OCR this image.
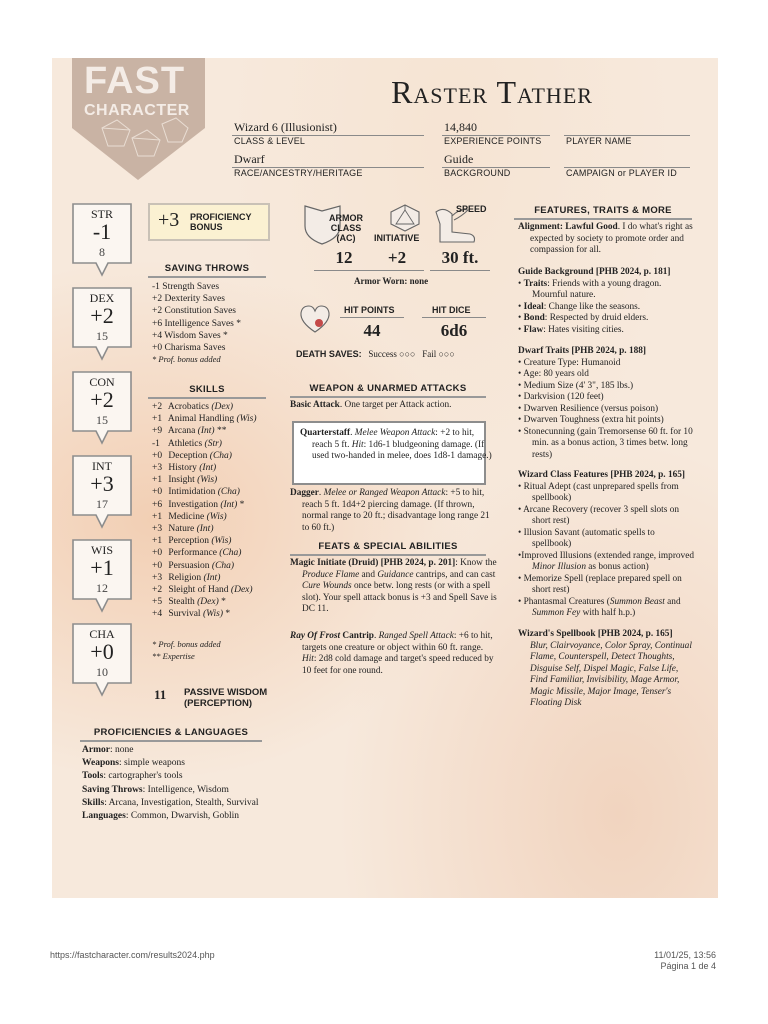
FAST
CHARACTER
Raster Tather
Wizard 6 (Illusionist)
CLASS & LEVEL
14,840
EXPERIENCE POINTS	PLAYER NAME
Dwarf
RACE/ANCESTRY/HERITAGE
Guide
BACKGROUND	CAMPAIGN or PLAYER ID
STR
-1
8
DEX
+2
15
CON
+2
15
INT
+3
17
WIS
+1
12
CHA
+0
10
+3 PROFICIENCY
BONUS
SAVING THROWS
-1 Strength Saves
+2 Dexterity Saves
+2 Constitution Saves
+6 Intelligence Saves *
+4 Wisdom Saves *
+0 Charisma Saves
* Prof. bonus added
SKILLS
+2 Acrobatics (Dex)
+1 Animal Handling (Wis)
+9 Arcana (Int) **
-1 Athletics (Str)
+0 Deception (Cha)
+3 History (Int)
+1 Insight (Wis)
+0 Intimidation (Cha)
+6 Investigation (Int) *
+1 Medicine (Wis)
+3 Nature (Int)
+1 Perception (Wis)
+0 Performance (Cha)
+0 Persuasion (Cha)
+3 Religion (Int)
+2 Sleight of Hand (Dex)
+5 Stealth (Dex) *
+4 Survival (Wis) *
* Prof. bonus added
** Expertise
11 PASSIVE WISDOM
(PERCEPTION)
PROFICIENCIES & LANGUAGES
Armor: none
Weapons: simple weapons
Tools: cartographer's tools
Saving Throws: Intelligence, Wisdom
Skills: Arcana, Investigation, Stealth, Survival
Languages: Common, Dwarvish, Goblin
ARMOR
CLASS
(AC)	INITIATIVE
SPEED
12	+2	30 ft.
Armor Worn: none
HIT POINTS
44
HIT DICE
6d6
DEATH SAVES: Success ○○○ Fail ○○○
WEAPON & UNARMED ATTACKS
Basic Attack. One target per Attack action.
Quarterstaff. Melee Weapon Attack: +2 to hit, reach 5 ft. Hit: 1d6-1 bludgeoning damage. (If used two-handed in melee, does 1d8-1 damage.)
Dagger. Melee or Ranged Weapon Attack: +5 to hit, reach 5 ft. 1d4+2 piercing damage. (If thrown, normal range to 20 ft.; disadvantage long range 21 to 60 ft.)
FEATS & SPECIAL ABILITIES
Magic Initiate (Druid) [PHB 2024, p. 201]: Know the Produce Flame and Guidance cantrips, and can cast Cure Wounds once betw. long rests (or with a spell slot). Your spell attack bonus is +3 and Spell Save is DC 11.
Ray Of Frost Cantrip. Ranged Spell Attack: +6 to hit, targets one creature or object within 60 ft. range. Hit: 2d8 cold damage and target's speed reduced by 10 feet for one round.
FEATURES, TRAITS & MORE
Alignment: Lawful Good. I do what's right as expected by society to promote order and compassion for all.
Guide Background [PHB 2024, p. 181]

• Traits: Friends with a young dragon. Mournful nature.

• Ideal: Change like the seasons.

• Bond: Respected by druid elders.

• Flaw: Hates visiting cities.

Dwarf Traits [PHB 2024, p. 188]

• Creature Type: Humanoid

• Age: 80 years old

• Medium Size (4' 3", 185 lbs.)

• Darkvision (120 feet)

• Dwarven Resilience (versus poison)

• Dwarven Toughness (extra hit points)

• Stonecunning (gain Tremorsense 60 ft. for 10 min. as a bonus action, 3 times betw. long rests)

Wizard Class Features [PHB 2024, p. 165]

• Ritual Adept (cast unprepared spells from spellbook)

• Arcane Recovery (recover 3 spell slots on short rest)

• Illusion Savant (automatic spells to spellbook)

•Improved Illusions (extended range, improved Minor Illusion as bonus action)

• Memorize Spell (replace prepared spell on short rest)

• Phantasmal Creatures (Summon Beast and Summon Fey with half h.p.)

Wizard's Spellbook [PHB 2024, p. 165]
Blur, Clairvoyance, Color Spray, Continual Flame, Counterspell, Detect Thoughts, Disguise Self, Dispel Magic, False Life, Find Familiar, Invisibility, Mage Armor, Magic Missile, Major Image, Tenser's Floating Disk
https://fastcharacter.com/results2024.php	11/01/25, 13:56
Página 1 de 4
